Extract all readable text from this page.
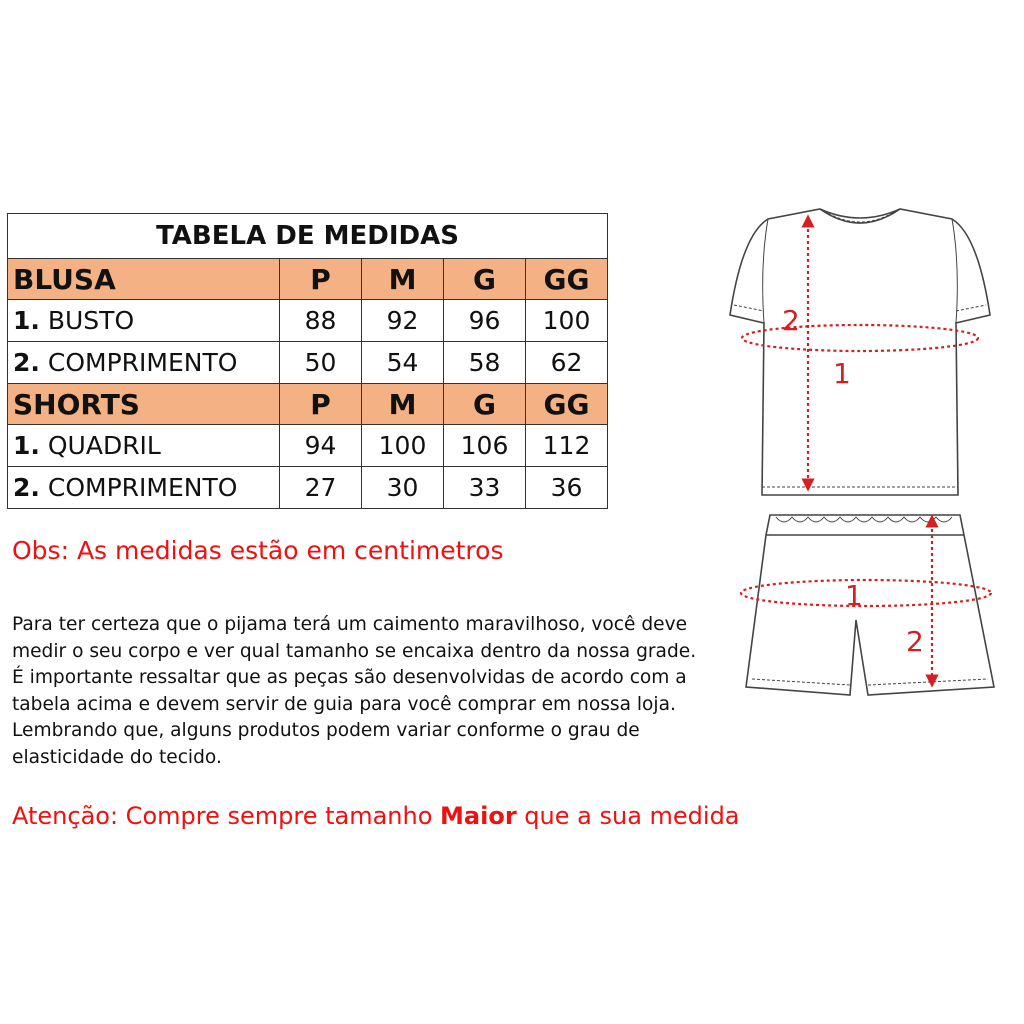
TABELA DE MEDIDAS				
BLUSA	P	M	G	GG
1. BUSTO	88	92	96	100
2. COMPRIMENTO	50	54	58	62
SHORTS	P	M	G	GG
1. QUADRIL	94	100	106	112
2. COMPRIMENTO	27	30	33	36
Obs: As medidas estão em centimetros
Para ter certeza que o pijama terá um caimento maravilhoso, você deve
medir o seu corpo e ver qual tamanho se encaixa dentro da nossa grade.
É importante ressaltar que as peças são desenvolvidas de acordo com a
tabela acima e devem servir de guia para você comprar em nossa loja.
Lembrando que, alguns produtos podem variar conforme o grau de
elasticidade do tecido.
Atenção: Compre sempre tamanho Maior que a sua medida
2
1
1
2
